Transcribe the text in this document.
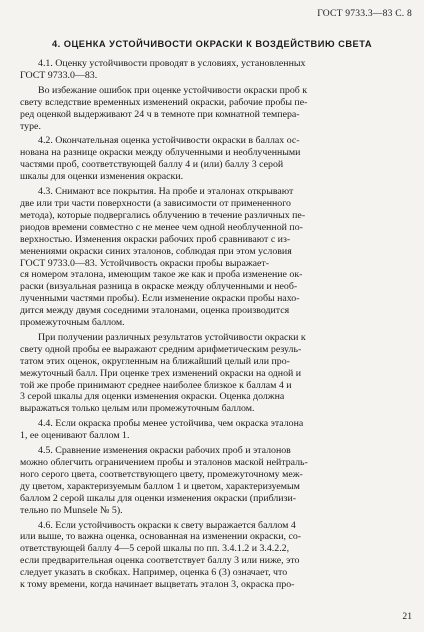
ГОСТ 9733.3—83 С. 8
4. ОЦЕНКА УСТОЙЧИВОСТИ ОКРАСКИ К ВОЗДЕЙСТВИЮ СВЕТА
4.1. Оценку устойчивости проводят в условиях, установленных
ГОСТ 9733.0—83.
Во избежание ошибок при оценке устойчивости окраски проб к
свету вследствие временных изменений окраски, рабочие пробы пе-
ред оценкой выдерживают 24 ч в темноте при комнатной темпера-
туре.
4.2. Окончательная оценка устойчивости окраски в баллах ос-
нована на разнице окраски между облученными и необлученными
частями проб, соответствующей баллу 4 и (или) баллу 3 серой
шкалы для оценки изменения окраски.
4.3. Снимают все покрытия. На пробе и эталонах открывают
две или три части поверхности (а зависимости от примененного
метода), которые подвергались облучению в течение различных пе-
риодов времени совместно с не менее чем одной необлученной по-
верхностью. Изменения окраски рабочих проб сравнивают с из-
менениями окраски синих эталонов, соблюдая при этом условия
ГОСТ 9733.0—83. Устойчивость окраски пробы выражает-
ся номером эталона, имеющим такое же как и проба изменение ок-
раски (визуальная разница в окраске между облученными и необ-
лученными частями пробы). Если изменение окраски пробы нахо-
дится между двумя соседними эталонами, оценка производится
промежуточным баллом.
При получении различных результатов устойчивости окраски к
свету одной пробы ее выражают средним арифметическим резуль-
татом этих оценок, округленным на ближайший целый или про-
межуточный балл. При оценке трех изменений окраски на одной и
той же пробе принимают среднее наиболее близкое к баллам 4 и
3 серой шкалы для оценки изменения окраски. Оценка должна
выражаться только целым или промежуточным баллом.
4.4. Если окраска пробы менее устойчива, чем окраска эталона
1, ее оценивают баллом 1.
4.5. Сравнение изменения окраски рабочих проб и эталонов
можно облегчить ограничением пробы и эталонов маской нейтраль-
ного серого цвета, соответствующего цвету, промежуточному меж-
ду цветом, характеризуемым баллом 1 и цветом, характеризуемым
баллом 2 серой шкалы для оценки изменения окраски (приблизи-
тельно по Munsele № 5).
4.6. Если устойчивость окраски к свету выражается баллом 4
или выше, то важна оценка, основанная на изменении окраски, со-
ответствующей баллу 4—5 серой шкалы по пп. 3.4.1.2 и 3.4.2.2,
если предварительная оценка соответствует баллу 3 или ниже, это
следует указать в скобках. Например, оценка 6 (3) означает, что
к тому времени, когда начинает выцветать эталон 3, окраска про-
21
